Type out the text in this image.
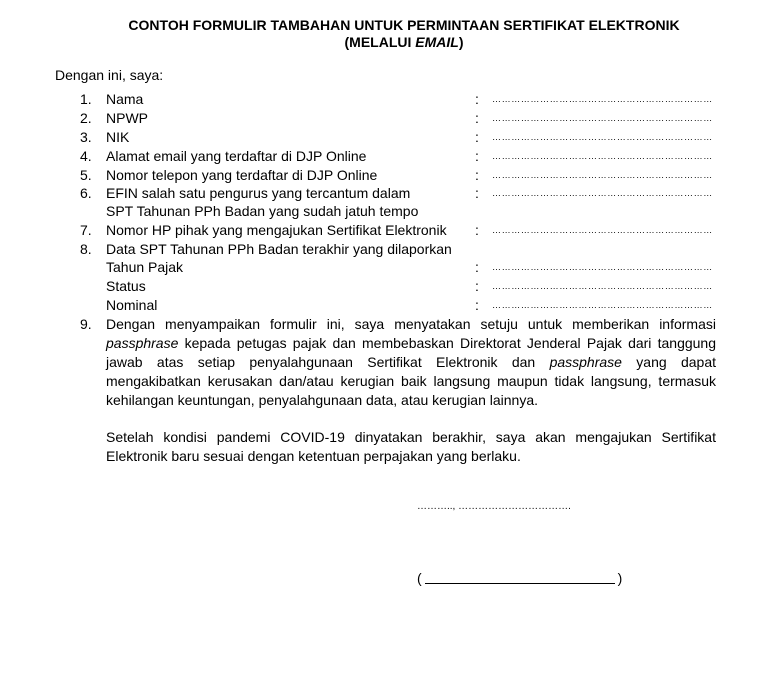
CONTOH FORMULIR TAMBAHAN UNTUK PERMINTAAN SERTIFIKAT ELEKTRONIK
(MELALUI EMAIL)
Dengan ini, saya:
1. Nama	: ……………………………………………………………
2. NPWP	: ……………………………………………………………
3. NIK	: ……………………………………………………………
4. Alamat email yang terdaftar di DJP Online	: ……………………………………………………………
5. Nomor telepon yang terdaftar di DJP Online	: ……………………………………………………………
6. EFIN salah satu pengurus yang tercantum dalam
SPT Tahunan PPh Badan yang sudah jatuh tempo
: ……………………………………………………………
7. Nomor HP pihak yang mengajukan Sertifikat Elektronik : ……………………………………………………………
8. Data SPT Tahunan PPh Badan terakhir yang dilaporkan
Tahun Pajak	: ……………………………………………………………
Status	: ……………………………………………………………
Nominal	: ……………………………………………………………
9. Dengan menyampaikan formulir ini, saya menyatakan setuju untuk memberikan informasi passphrase kepada petugas pajak dan membebaskan Direktorat Jenderal Pajak dari tanggung jawab atas setiap penyalahgunaan Sertifikat Elektronik dan passphrase yang dapat mengakibatkan kerusakan dan/atau kerugian baik langsung maupun tidak langsung, termasuk kehilangan keuntungan, penyalahgunaan data, atau kerugian lainnya.
Setelah kondisi pandemi COVID-19 dinyatakan berakhir, saya akan mengajukan Sertifikat Elektronik baru sesuai dengan ketentuan perpajakan yang berlaku.
……….., …………………………….
(	)
